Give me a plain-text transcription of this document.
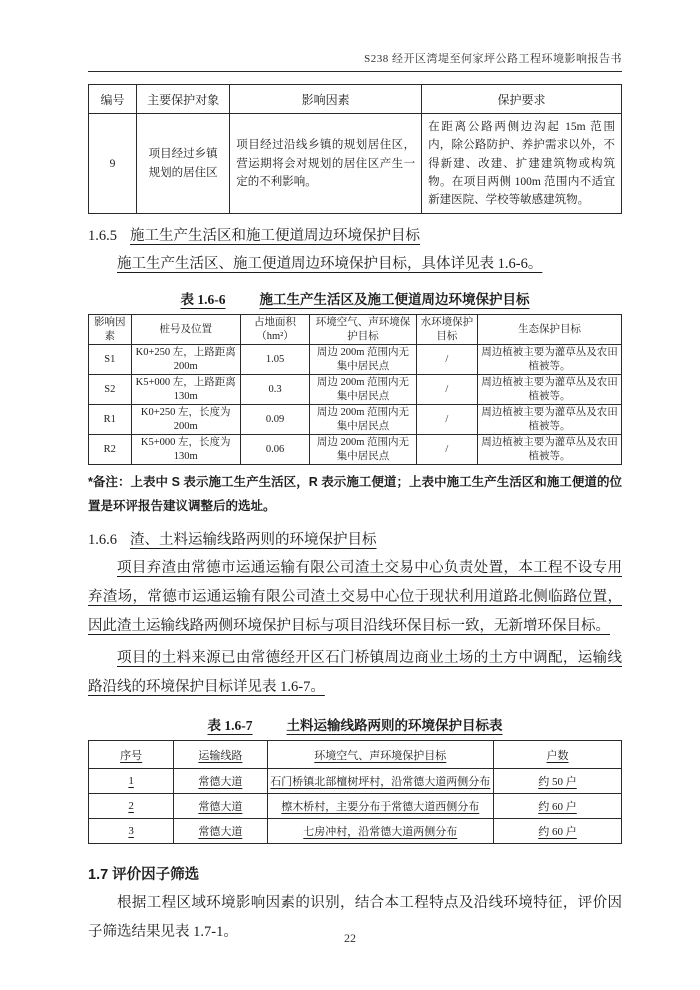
S238 经开区湾堤至何家坪公路工程环境影响报告书
编号	主要保护对象	影响因素	保护要求
9	项目经过乡镇规划的居住区	项目经过沿线乡镇的规划居住区，营运期将会对规划的居住区产生一定的不利影响。	在距离公路两侧边沟起 15m 范围内，除公路防护、养护需求以外，不得新建、改建、扩建建筑物或构筑物。在项目两侧 100m 范围内不适宜新建医院、学校等敏感建筑物。
1.6.5 施工生产生活区和施工便道周边环境保护目标

施工生产生活区、施工便道周边环境保护目标，具体详见表 1.6-6。

表 1.6-6	施工生产生活区及施工便道周边环境保护目标
影响因素	桩号及位置	占地面积（hm²）	环境空气、声环境保护目标	水环境保护目标	生态保护目标
S1	K0+250 左，上路距离 200m	1.05	周边 200m 范围内无集中居民点	/	周边植被主要为灌草丛及农田植被等。
S2	K5+000 左，上路距离 130m	0.3	周边 200m 范围内无集中居民点	/	周边植被主要为灌草丛及农田植被等。
R1	K0+250 左，长度为 200m	0.09	周边 200m 范围内无集中居民点	/	周边植被主要为灌草丛及农田植被等。
R2	K5+000 左，长度为 130m	0.06	周边 200m 范围内无集中居民点	/	周边植被主要为灌草丛及农田植被等。

*备注：上表中 S 表示施工生产生活区，R 表示施工便道；上表中施工生产生活区和施工便道的位置是环评报告建议调整后的选址。

1.6.6 渣、土料运输线路两则的环境保护目标

项目弃渣由常德市运通运输有限公司渣土交易中心负责处置，本工程不设专用弃渣场，常德市运通运输有限公司渣土交易中心位于现状利用道路北侧临路位置，因此渣土运输线路两侧环境保护目标与项目沿线环保目标一致，无新增环保目标。

项目的土料来源已由常德经开区石门桥镇周边商业土场的土方中调配，运输线路沿线的环境保护目标详见表 1.6-7。

表 1.6-7	土料运输线路两则的环境保护目标表
序号	运输线路	环境空气、声环境保护目标	户数
1	常德大道	石门桥镇北部檀树坪村，沿常德大道两侧分布	约 50 户
2	常德大道	檫木桥村，主要分布于常德大道西侧分布	约 60 户
3	常德大道	七房冲村，沿常德大道两侧分布	约 60 户
1.7 评价因子筛选

根据工程区域环境影响因素的识别，结合本工程特点及沿线环境特征，评价因子筛选结果见表 1.7-1。	22
